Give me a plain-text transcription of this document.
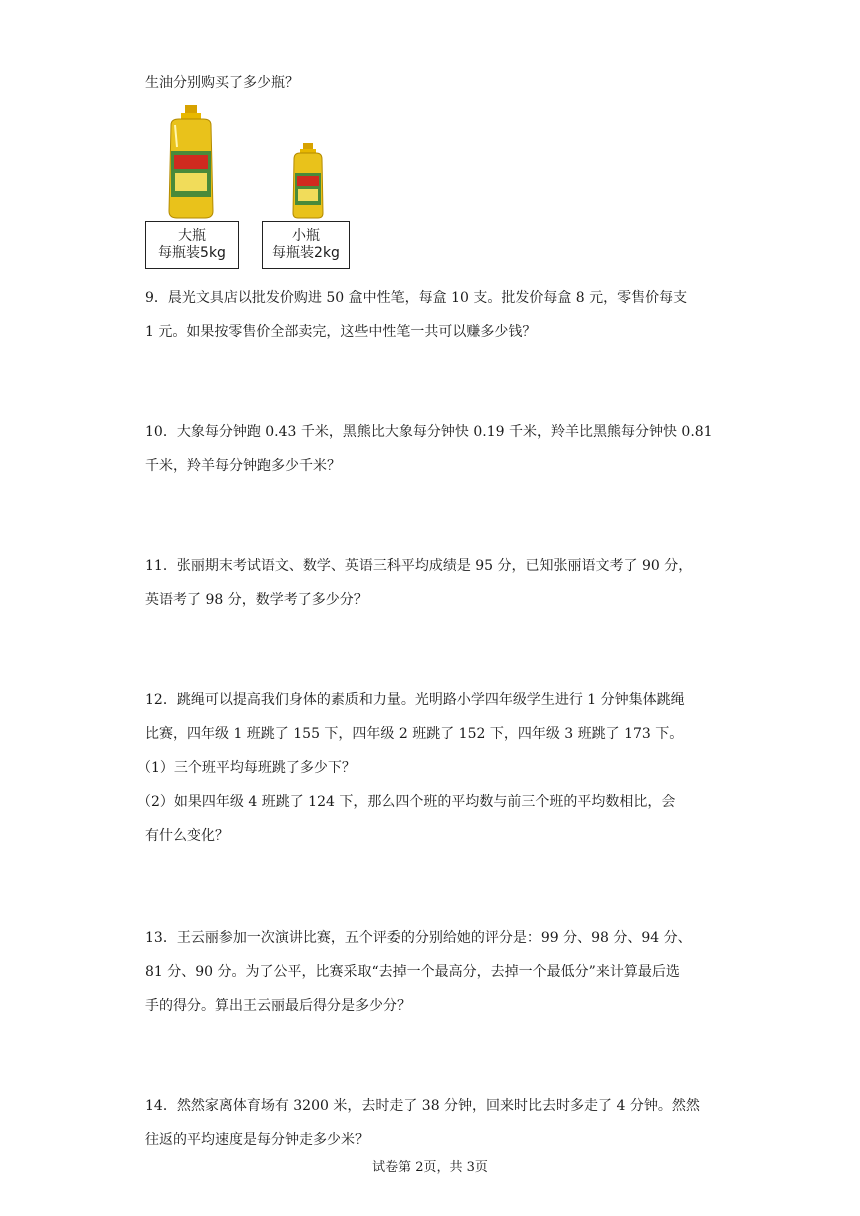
生油分别购买了多少瓶？
大瓶
每瓶装5kg
小瓶
每瓶装2kg
9．晨光文具店以批发价购进 50 盒中性笔，每盒 10 支。批发价每盒 8 元，零售价每支
1 元。如果按零售价全部卖完，这些中性笔一共可以赚多少钱？
10．大象每分钟跑 0.43 千米，黑熊比大象每分钟快 0.19 千米，羚羊比黑熊每分钟快 0.81
千米，羚羊每分钟跑多少千米？
11．张丽期末考试语文、数学、英语三科平均成绩是 95 分，已知张丽语文考了 90 分，
英语考了 98 分，数学考了多少分？
12．跳绳可以提高我们身体的素质和力量。光明路小学四年级学生进行 1 分钟集体跳绳
比赛，四年级 1 班跳了 155 下，四年级 2 班跳了 152 下，四年级 3 班跳了 173 下。
（1）三个班平均每班跳了多少下？
（2）如果四年级 4 班跳了 124 下，那么四个班的平均数与前三个班的平均数相比，会
有什么变化？
13．王云丽参加一次演讲比赛，五个评委的分别给她的评分是：99 分、98 分、94 分、
81 分、90 分。为了公平，比赛采取“去掉一个最高分，去掉一个最低分”来计算最后选
手的得分。算出王云丽最后得分是多少分？
14．然然家离体育场有 3200 米，去时走了 38 分钟，回来时比去时多走了 4 分钟。然然
往返的平均速度是每分钟走多少米？
试卷第 2页，共 3页
